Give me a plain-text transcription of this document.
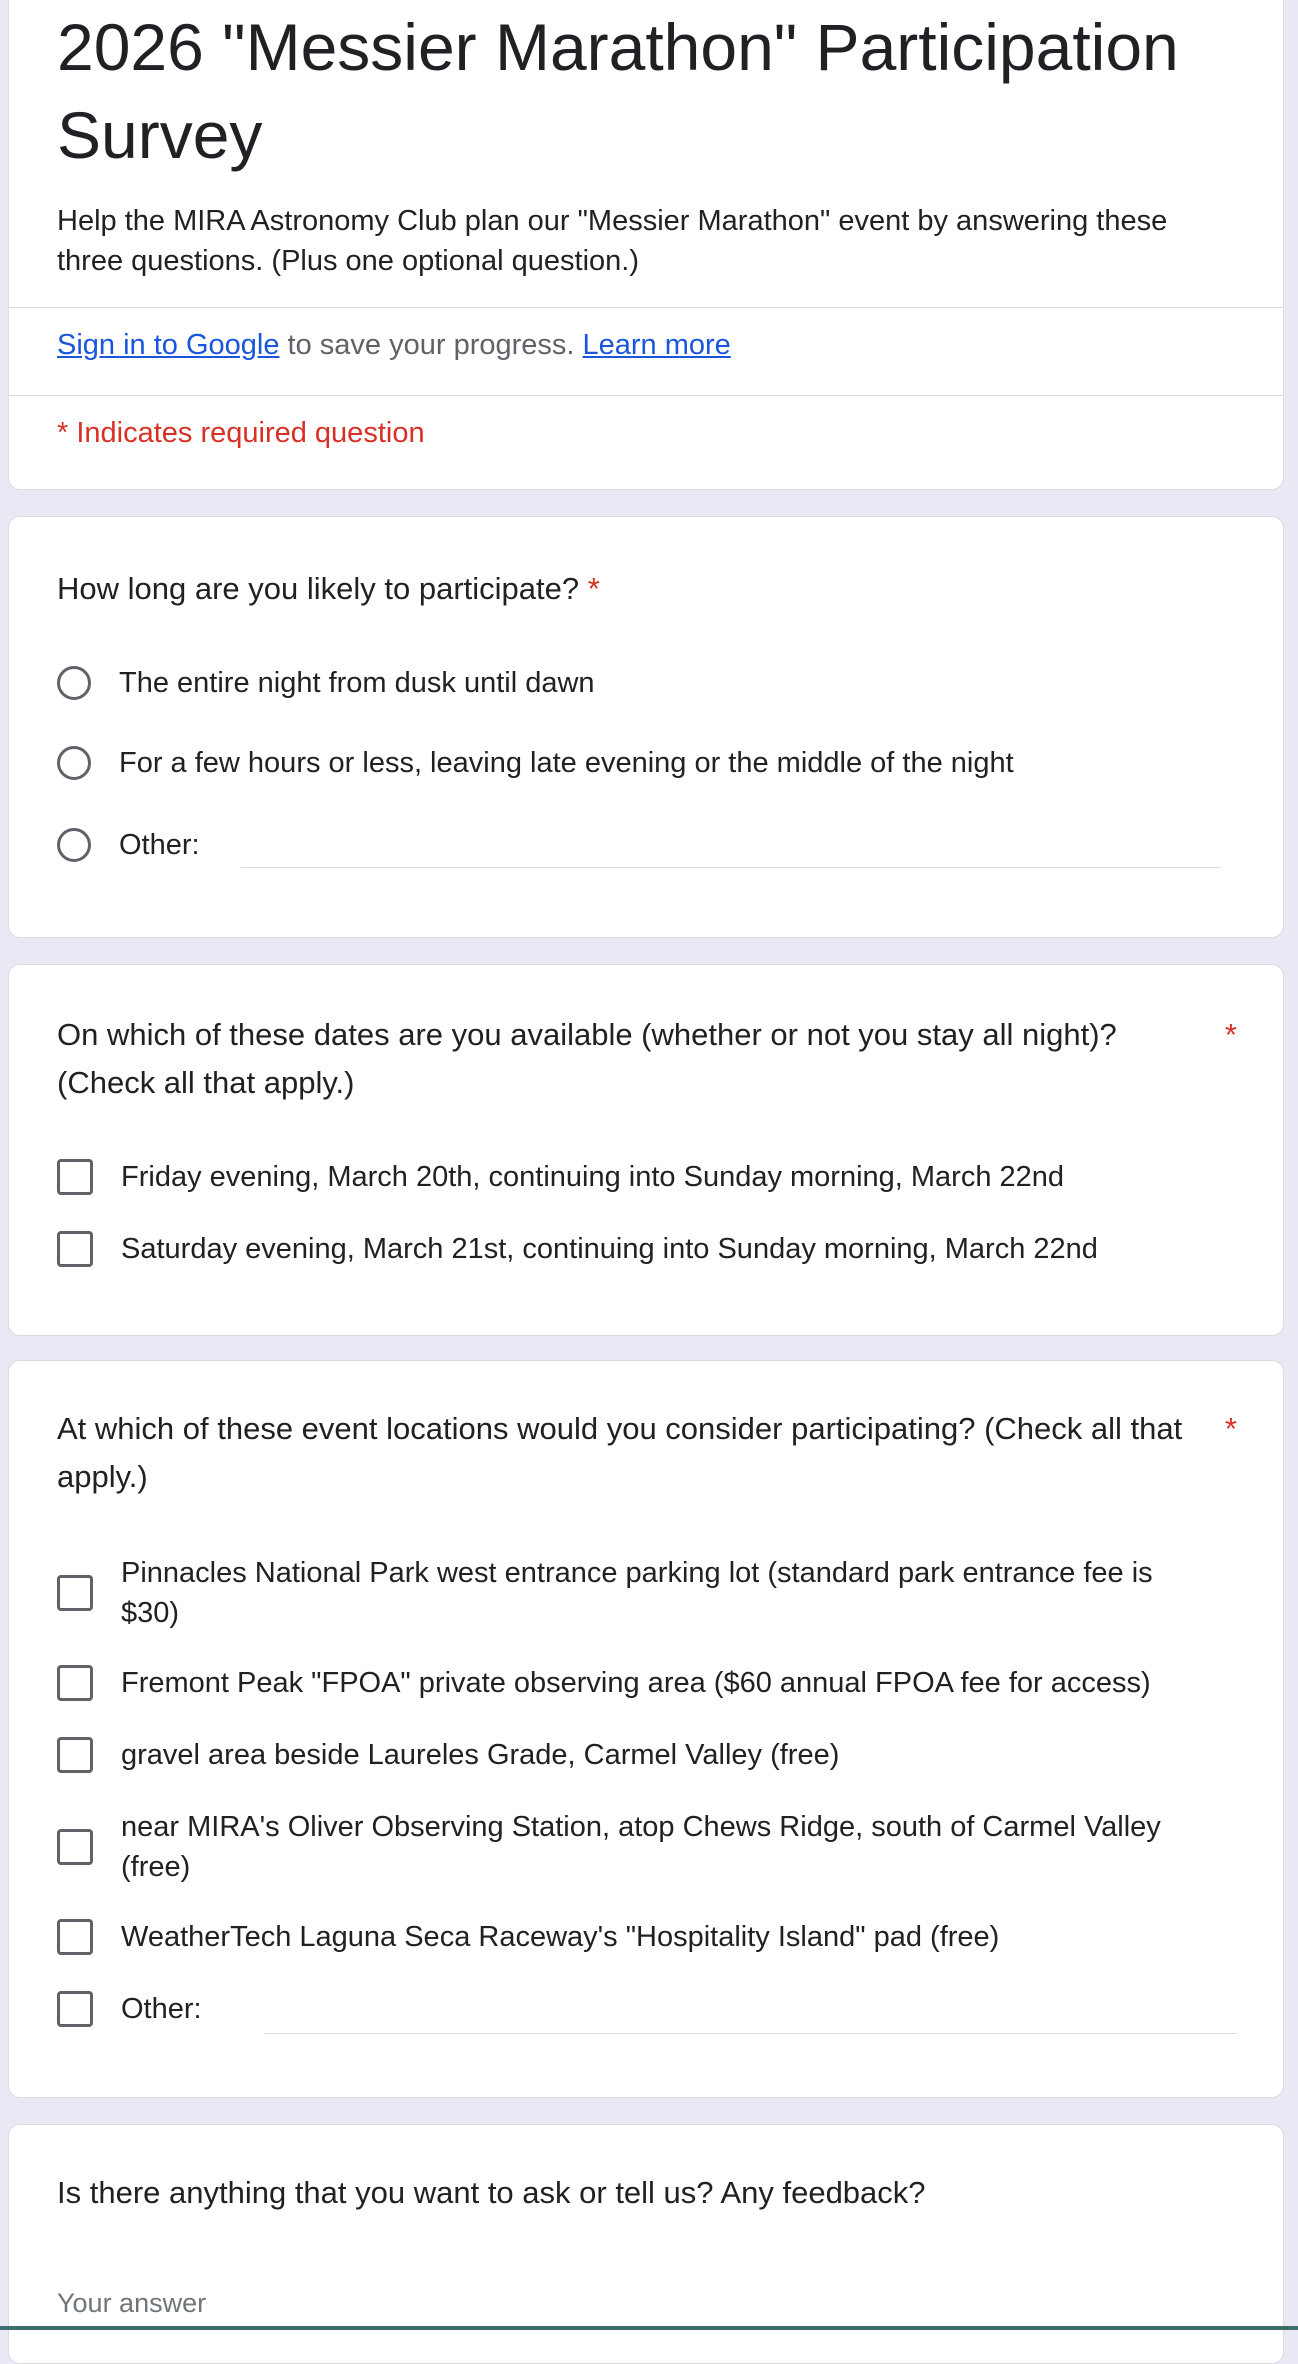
2026 "Messier Marathon" Participation Survey
Help the MIRA Astronomy Club plan our "Messier Marathon" event by answering these three questions. (Plus one optional question.)
Sign in to Google to save your progress. Learn more
* Indicates required question
How long are you likely to participate? *
The entire night from dusk until dawn
For a few hours or less, leaving late evening or the middle of the night
Other:
On which of these dates are you available (whether or not you stay all night)? (Check all that apply.)
*
Friday evening, March 20th, continuing into Sunday morning, March 22nd
Saturday evening, March 21st, continuing into Sunday morning, March 22nd
At which of these event locations would you consider participating? (Check all that apply.)
*
Pinnacles National Park west entrance parking lot (standard park entrance fee is $30)
Fremont Peak "FPOA" private observing area ($60 annual FPOA fee for access)
gravel area beside Laureles Grade, Carmel Valley (free)
near MIRA's Oliver Observing Station, atop Chews Ridge, south of Carmel Valley (free)
WeatherTech Laguna Seca Raceway's "Hospitality Island" pad (free)
Other:
Is there anything that you want to ask or tell us? Any feedback?
Your answer
